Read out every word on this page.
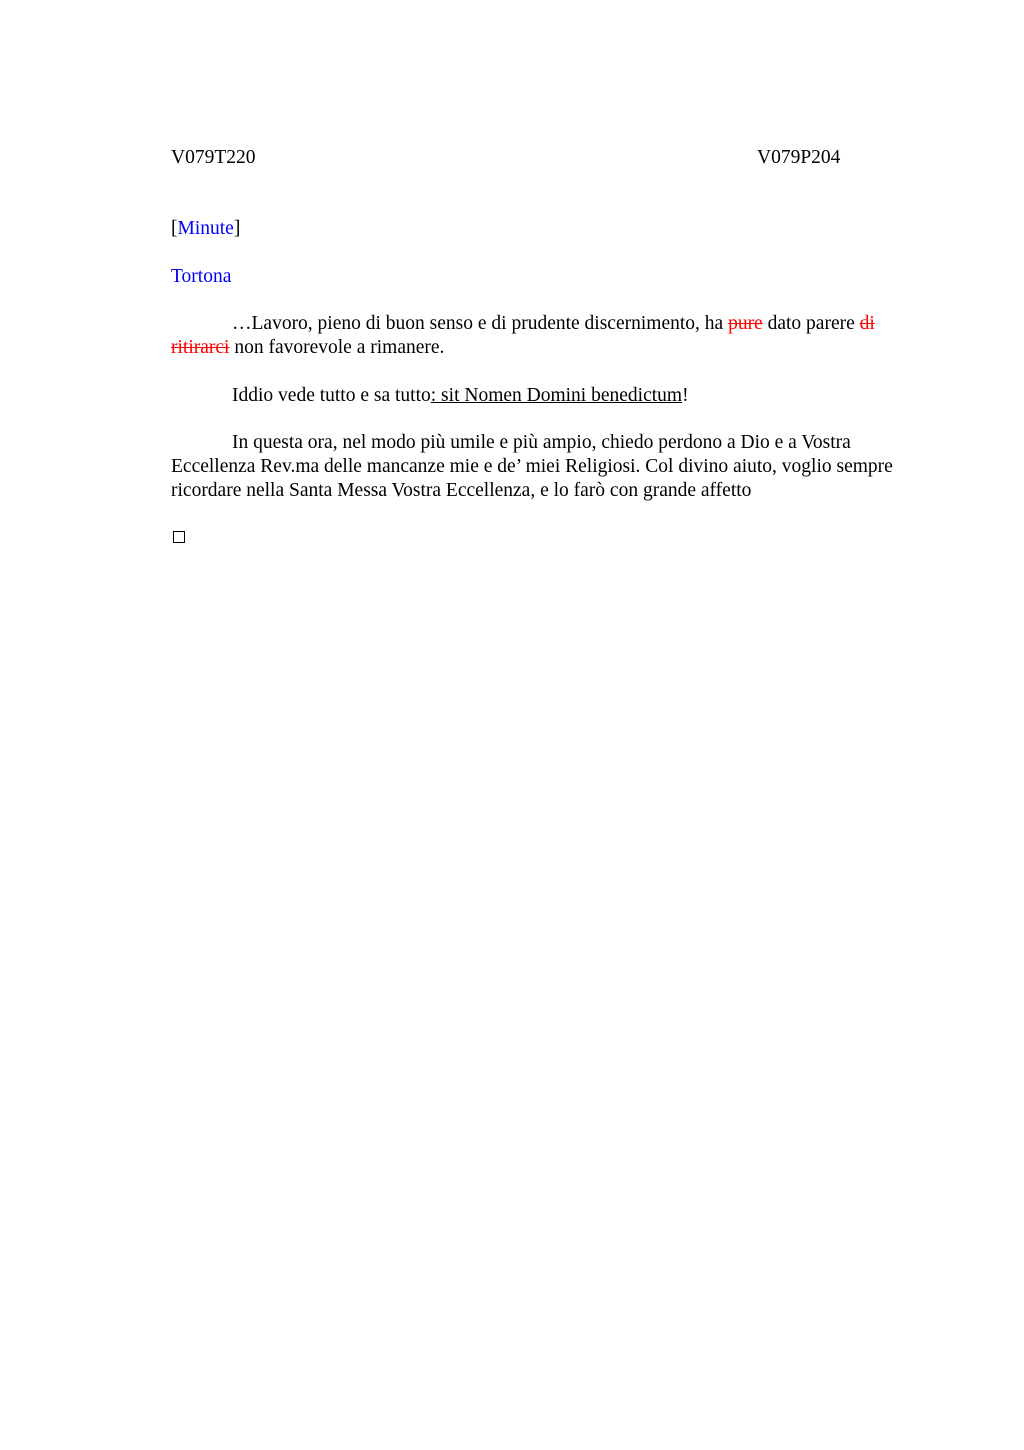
V079T220	V079P204
[Minute]
Tortona

…Lavoro, pieno di buon senso e di prudente discernimento, ha pure dato parere di ritirarci non favorevole a rimanere.

Iddio vede tutto e sa tutto: sit Nomen Domini benedictum!

In questa ora, nel modo più umile e più ampio, chiedo perdono a Dio e a Vostra Eccellenza Rev.ma delle mancanze mie e de’ miei Religiosi. Col divino aiuto, voglio sempre ricordare nella Santa Messa Vostra Eccellenza, e lo farò con grande affetto
